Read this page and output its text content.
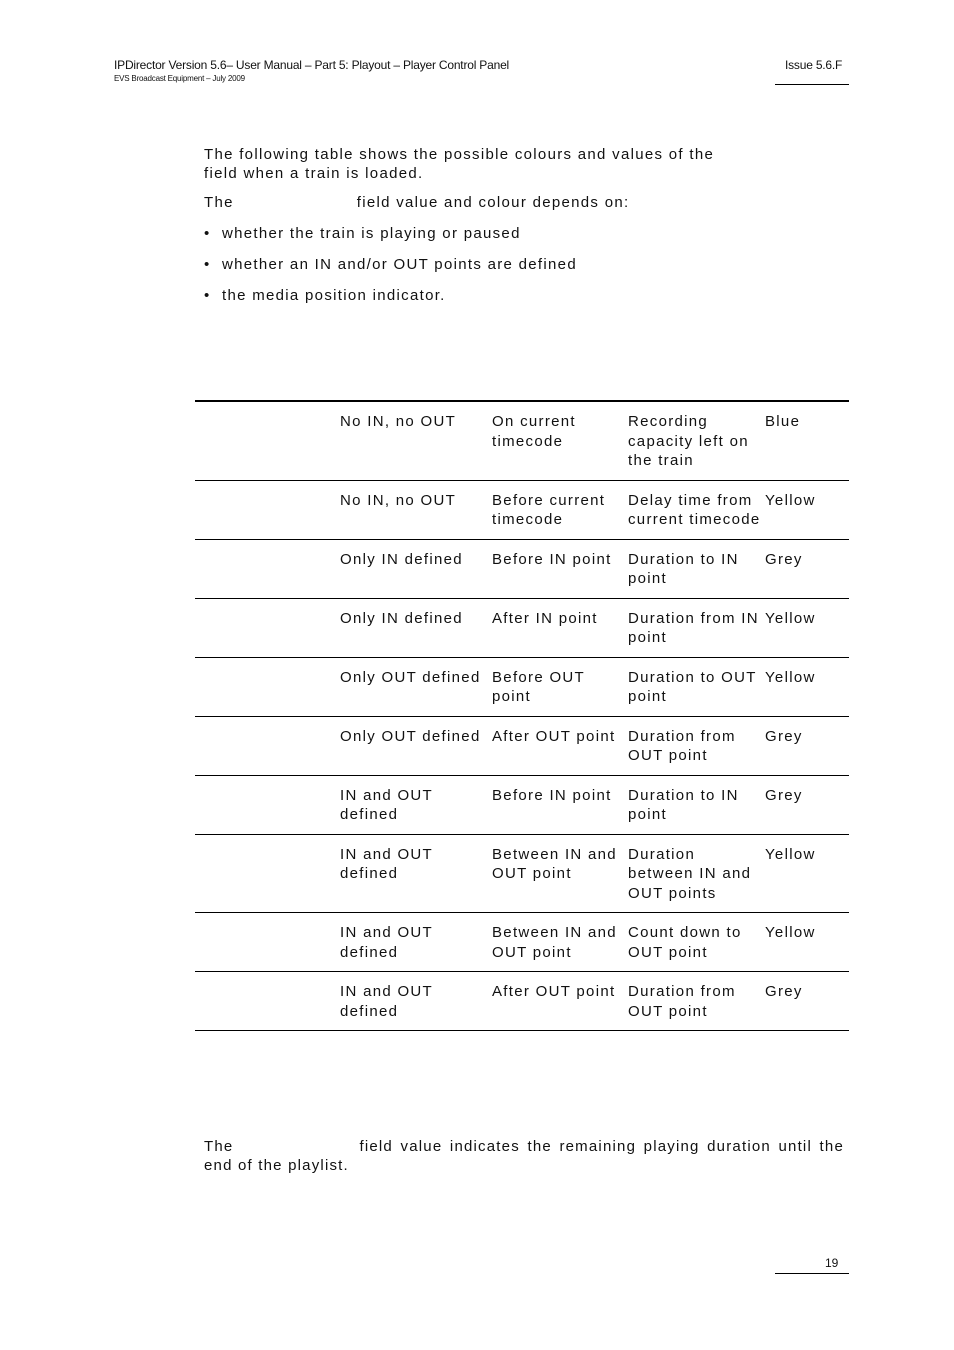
IPDirector Version 5.6– User Manual – Part 5: Playout – Player Control Panel
EVS Broadcast Equipment – July 2009
Issue 5.6.F
The following table shows the possible colours and values of the field when a train is loaded.
The	field value and colour depends on:
• whether the train is playing or paused
• whether an IN and/or OUT points are defined
• the media position indicator.
	No IN, no OUT	On current timecode	Recording capacity left on the train	Blue
	No IN, no OUT	Before current timecode	Delay time from current timecode	Yellow
	Only IN defined	Before IN point	Duration to IN point	Grey
	Only IN defined	After IN point	Duration from IN point	Yellow
	Only OUT defined	Before OUT point	Duration to OUT point	Yellow
	Only OUT defined	After OUT point	Duration from OUT point	Grey
	IN and OUT defined	Before IN point	Duration to IN point	Grey
	IN and OUT defined	Between IN and OUT point	Duration between IN and OUT points	Yellow
	IN and OUT defined	Between IN and OUT point	Count down to OUT point	Yellow
	IN and OUT defined	After OUT point	Duration from OUT point	Grey
The	field value indicates the remaining playing duration until the end of the playlist.
19
